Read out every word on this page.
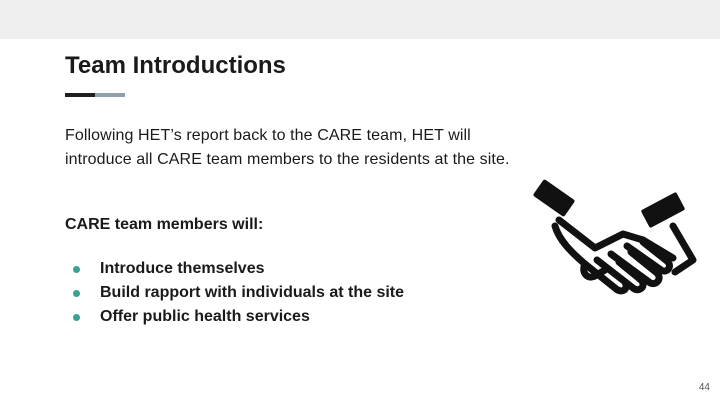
Team Introductions
Following HET’s report back to the CARE team, HET will introduce all CARE team members to the residents at the site.
CARE team members will:
Introduce themselves
Build rapport with individuals at the site
Offer public health services
44
